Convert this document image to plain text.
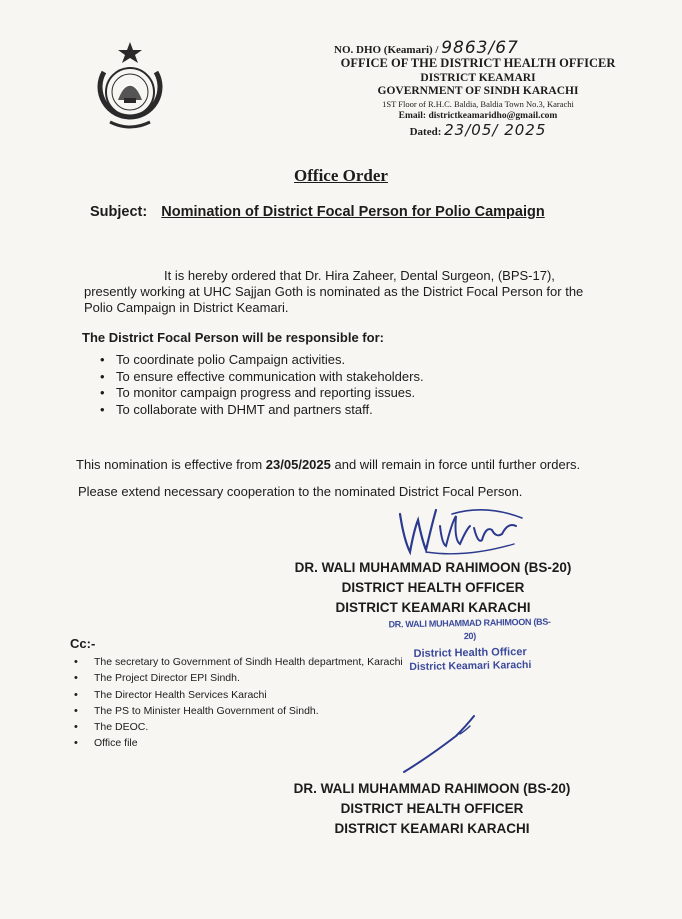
NO. DHO (Keamari) / 9863/67
OFFICE OF THE DISTRICT HEALTH OFFICER
DISTRICT KEAMARI
GOVERNMENT OF SINDH KARACHI
1ST Floor of R.H.C. Baldia, Baldia Town No.3, Karachi
Email: districtkeamaridho@gmail.com
Dated: 23/05/ 2025
Office Order
Subject: Nomination of District Focal Person for Polio Campaign
It is hereby ordered that Dr. Hira Zaheer, Dental Surgeon, (BPS-17),
presently working at UHC Sajjan Goth is nominated as the District Focal Person for the
Polio Campaign in District Keamari.
The District Focal Person will be responsible for:
• To coordinate polio Campaign activities.
• To ensure effective communication with stakeholders.
• To monitor campaign progress and reporting issues.
• To collaborate with DHMT and partners staff.
This nomination is effective from 23/05/2025 and will remain in force until further orders.
Please extend necessary cooperation to the nominated District Focal Person.
DR. WALI MUHAMMAD RAHIMOON (BS-20)
DISTRICT HEALTH OFFICER
DISTRICT KEAMARI KARACHI
DR. WALI MUHAMMAD RAHIMOON (BS-20)
District Health Officer
District Keamari Karachi
Cc:-
• The secretary to Government of Sindh Health department, Karachi
• The Project Director EPI Sindh.
• The Director Health Services Karachi
• The PS to Minister Health Government of Sindh.
• The DEOC.
• Office file
DR. WALI MUHAMMAD RAHIMOON (BS-20)
DISTRICT HEALTH OFFICER
DISTRICT KEAMARI KARACHI
